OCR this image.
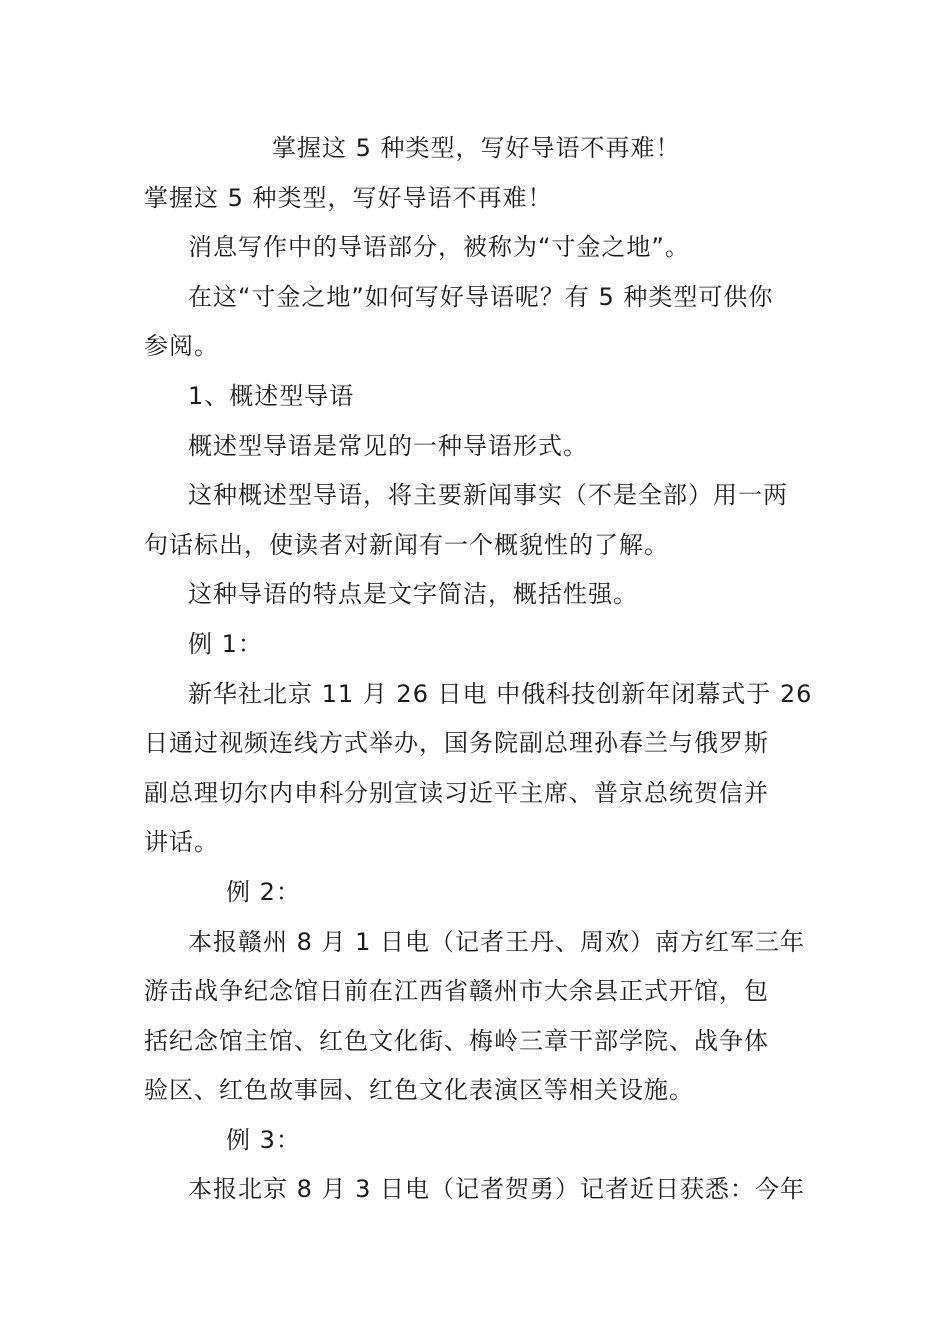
掌握这 5 种类型，写好导语不再难！
掌握这 5 种类型，写好导语不再难！
消息写作中的导语部分，被称为“寸金之地”。
在这“寸金之地”如何写好导语呢？有 5 种类型可供你
参阅。
1、概述型导语
概述型导语是常见的一种导语形式。
这种概述型导语，将主要新闻事实（不是全部）用一两
句话标出，使读者对新闻有一个概貌性的了解。
这种导语的特点是文字简洁，概括性强。
例 1：
新华社北京 11 月 26 日电 中俄科技创新年闭幕式于 26
日通过视频连线方式举办，国务院副总理孙春兰与俄罗斯
副总理切尔内申科分别宣读习近平主席、普京总统贺信并
讲话。
例 2：
本报赣州 8 月 1 日电（记者王丹、周欢）南方红军三年
游击战争纪念馆日前在江西省赣州市大余县正式开馆，包
括纪念馆主馆、红色文化街、梅岭三章干部学院、战争体
验区、红色故事园、红色文化表演区等相关设施。
例 3：
本报北京 8 月 3 日电（记者贺勇）记者近日获悉：今年
